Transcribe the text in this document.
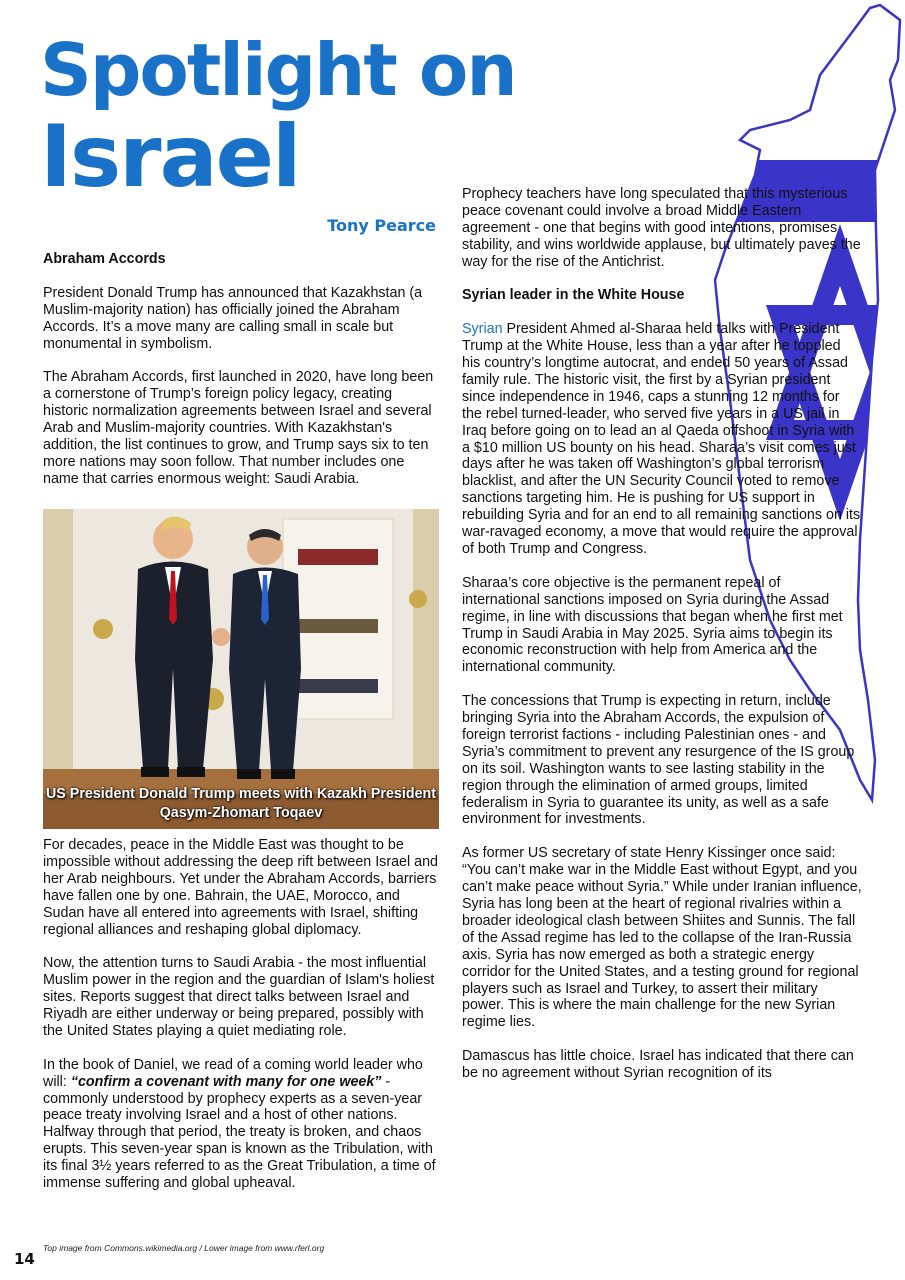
Spotlight on
Israel
Tony Pearce
Abraham Accords

President Donald Trump has announced that Kazakhstan (a Muslim-majority nation) has officially joined the Abraham Accords. It’s a move many are calling small in scale but monumental in symbolism.

The Abraham Accords, first launched in 2020, have long been a cornerstone of Trump’s foreign policy legacy, creating historic normalization agreements between Israel and several Arab and Muslim-majority countries. With Kazakhstan's addition, the list continues to grow, and Trump says six to ten more nations may soon follow. That number includes one name that carries enormous weight: Saudi Arabia.

US President Donald Trump meets with Kazakh President Qasym-Zhomart Toqaev

For decades, peace in the Middle East was thought to be impossible without addressing the deep rift between Israel and her Arab neighbours. Yet under the Abraham Accords, barriers have fallen one by one. Bahrain, the UAE, Morocco, and Sudan have all entered into agreements with Israel, shifting regional alliances and reshaping global diplomacy.

Now, the attention turns to Saudi Arabia - the most influential Muslim power in the region and the guardian of Islam's holiest sites. Reports suggest that direct talks between Israel and Riyadh are either underway or being prepared, possibly with the United States playing a quiet mediating role.

In the book of Daniel, we read of a coming world leader who will: “confirm a covenant with many for one week” - commonly understood by prophecy experts as a seven-year peace treaty involving Israel and a host of other nations. Halfway through that period, the treaty is broken, and chaos erupts. This seven-year span is known as the Tribulation, with its final 3½ years referred to as the Great Tribulation, a time of immense suffering and global upheaval.

Prophecy teachers have long speculated that this mysterious peace covenant could involve a broad Middle Eastern agreement - one that begins with good intentions, promises stability, and wins worldwide applause, but ultimately paves the way for the rise of the Antichrist.

Syrian leader in the White House

Syrian President Ahmed al-Sharaa held talks with President Trump at the White House, less than a year after he toppled his country’s longtime autocrat, and ended 50 years of Assad family rule. The historic visit, the first by a Syrian president since independence in 1946, caps a stunning 12 months for the rebel turned-leader, who served five years in a US jail in Iraq before going on to lead an al Qaeda offshoot in Syria with a $10 million US bounty on his head. Sharaa’s visit comes just days after he was taken off Washington’s global terrorism blacklist, and after the UN Security Council voted to remove sanctions targeting him. He is pushing for US support in rebuilding Syria and for an end to all remaining sanctions on its war-ravaged economy, a move that would require the approval of both Trump and Congress.

Sharaa’s core objective is the permanent repeal of international sanctions imposed on Syria during the Assad regime, in line with discussions that began when he first met Trump in Saudi Arabia in May 2025. Syria aims to begin its economic reconstruction with help from America and the international community.

The concessions that Trump is expecting in return, include bringing Syria into the Abraham Accords, the expulsion of foreign terrorist factions - including Palestinian ones - and Syria’s commitment to prevent any resurgence of the IS group on its soil. Washington wants to see lasting stability in the region through the elimination of armed groups, limited federalism in Syria to guarantee its unity, as well as a safe environment for investments.

As former US secretary of state Henry Kissinger once said: “You can’t make war in the Middle East without Egypt, and you can’t make peace without Syria.” While under Iranian influence, Syria has long been at the heart of regional rivalries within a broader ideological clash between Shiites and Sunnis. The fall of the Assad regime has led to the collapse of the Iran-Russia axis. Syria has now emerged as both a strategic energy corridor for the United States, and a testing ground for regional players such as Israel and Turkey, to assert their military power. This is where the main challenge for the new Syrian regime lies.

Damascus has little choice. Israel has indicated that there can be no agreement without Syrian recognition of its

Top image from Commons.wikimedia.org / Lower image from www.rferl.org
14
